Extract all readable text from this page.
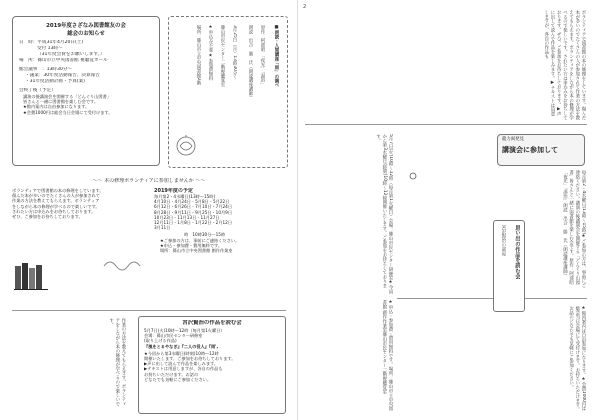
2019年度さざなみ図書館友の会
総会のお知らせ
日　時：平成31年4月20日(土)
受付 13時～
（31年度会費をお願いします。）
場　所：篠山市立中央図書館 視聴覚ホール
総会議事　：13時30分～
・議案：30年度活動報告、決算報告
・31年度活動計画・予算(案)
会終了後（予定）
講演の後講演会を開催する「どんぐり山図書」
皆さんと一緒に図書館を楽しむ会です。
★館内案内は自由参加になります。
★会費1000円は総会当日会場にて受付けます。
■朗読・人間講座「雨」の調べ
原作：阿部昭　「夜光」「湯治」
朗読　出合　勝　氏（朗読講座講師）
3月25日（月）13時30分～
篠山市民センター二階視聴覚室
★申込み不要 ★参加費無料
場所：篠山市立中央図書館2階
～～ 本の修理ボランティアに参加しませんか ～～
ボランティアで図書館の本の修理をしています。
傷んだ本が多いのでたくさんの人が参加されて
作業の方法を教えてもらえます。ボランティア
をしながら本の修理が学べるので楽しいです。
されたい方は申込みをお待ちしております。
ぜひ、ご参加をお待ちしております。
2019年度の予定
毎月第2・4水曜日(13時～15時)
4月10日・4月24日・5月8日・5月22日
6月12日・6月26日・7月10日・7月24日
8月28日・9月11日・9月25日・10月9日
10月23日・11月13日・11月27日
12月11日・1月8日・1月22日・2月12日
3月11日
時　10時30分～15時
★ご参加の方は、事前にご連絡ください。
★申込・参加費・費用無料です。
場所：篠山市立中央図書館 創作作業室
作業の方法を教えてもらえます。ボランティアをしながら本の修理が学べるので楽しいです。	宮沢賢治の作品を読む会
5月7日(火)10時～12時（毎月第1火曜日）
会場：篠山市民センター研修室
(取り上げる作品)
『風をとるやなぎ』『二人の役人』『雨',
★今回から第3水曜日(時刻)10時～12時
開催いたします。ご参加をお待ちしております。
▶声に出して読んで作品を楽しみます。
▶テキストは用意しますが、各自の作品も
お持ちいただけます。お話の
どなたでも気軽にご参加ください。
2
ボランティアで図書館の本の修理をしています。傷んだ本が多いのでたくさんの人が参加されて作業の方法を教えてもらえます。ボランティアをしながら本の修理が学べるので楽しいです。されたい方は申込みをお待ちしております。ぜひ、ご参加をお待ちしております。▶声に出して読んで作品を楽しみます。▶テキストは用意しますが、各自の作品も
龍力両発見
講演会に参加して
毎月第2・4水曜日(13時～15時)★ご参加の方は、事前にご連絡ください。講演の後講演会を開催する「どんぐり山図書」皆さんと一緒に図書館を楽しむ会です。原作：阿部昭　「夜光」「湯治」朗読　出合　勝　氏（朗読講座講師）
5月7日(火)10時～12時（毎月第1火曜日）会場：篠山市民センター研修室★今回から第3水曜日(時刻)10時～12時開催いたします。ご参加をお待ちしております。
宮沢賢治の部屋 思い出の作品を読む会
★館内案内は自由参加になります。★会費1000円は総会当日会場にて受付けます。お持ちいただけます。お話のどなたでも気軽にご参加ください。
★申込・参加費・費用無料です。場所：篠山市立中央図書館 創作作業室篠山市民センター二階視聴覚室
